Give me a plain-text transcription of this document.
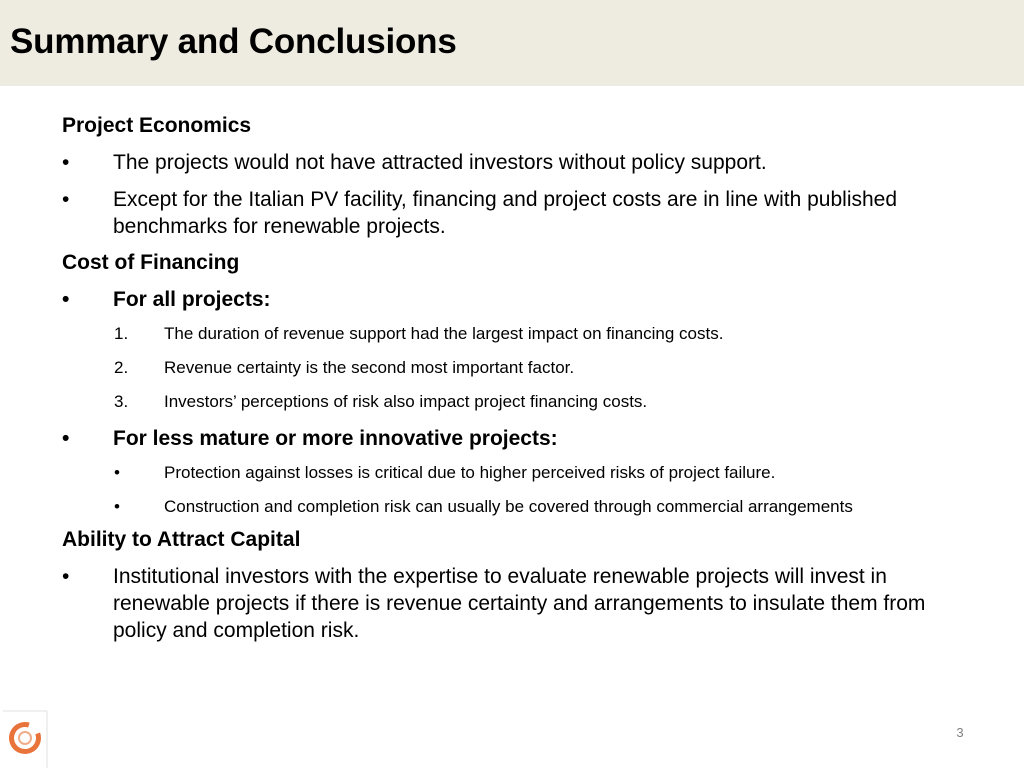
Summary and Conclusions
Project Economics
• The projects would not have attracted investors without policy support.
• Except for the Italian PV facility, financing and project costs are in line with published benchmarks for renewable projects.
Cost of Financing
• For all projects:
1. The duration of revenue support had the largest impact on financing costs.
2. Revenue certainty is the second most important factor.
3. Investors’ perceptions of risk also impact project financing costs.
• For less mature or more innovative projects:
•	Protection against losses is critical due to higher perceived risks of project failure.
•	Construction and completion risk can usually be covered through commercial arrangements
Ability to Attract Capital
• Institutional investors with the expertise to evaluate renewable projects will invest in renewable projects if there is revenue certainty and arrangements to insulate them from policy and completion risk.
3
